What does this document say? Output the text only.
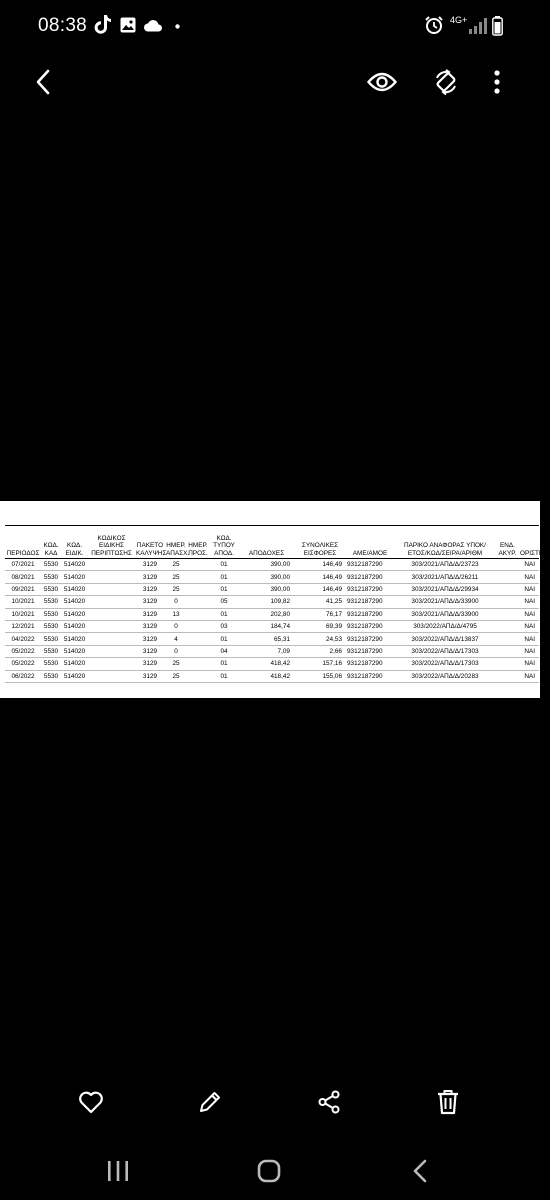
08:38	4G+
ΠΕΡΙΟΔΟΣ	ΚΩΔ. ΚΑΔ	ΚΩΔ. ΕΙΔΙΚ.	ΚΩΔΙΚΟΣ ΕΙΔΙΚΗΣ ΠΕΡΙΠΤΩΣΗΣ	ΠΑΚΕΤΟ ΚΑΛΥΨΗΣ	ΗΜΕΡ. ΑΠΑΣΧ.	ΗΜΕΡ. ΠΡΟΣ.	ΚΩΔ. ΤΥΠΟΥ ΑΠΟΔ.	ΑΠΟΔΟΧΕΣ	ΣΥΝΟΛΙΚΕΣ ΕΙΣΦΟΡΕΣ	ΑΜΕ/ΑΜΟΕ	ΠΑΡΙΚΟ ΑΝΑΦΟΡΑΣ ΥΠΟΚ/ΕΤΟΣ/ΚΩΔ/ΣΕΙΡΑ/ΑΡΙΘΜ	ΕΝΔ. ΑΚΥΡ.	ΟΡΙΣΤΙΚΗ
07/2021	5530	514020		3129	25		01	390,00	146,49	9312187290	303/2021/ΑΠΔ/Δ/23723		ΝΑΙ
08/2021	5530	514020		3129	25		01	390,00	146,49	9312187290	303/2021/ΑΠΔ/Δ/26211		ΝΑΙ
09/2021	5530	514020		3129	25		01	390,00	146,49	9312187290	303/2021/ΑΠΔ/Δ/29934		ΝΑΙ
10/2021	5530	514020		3129	0		05	109,82	41,25	9312187290	303/2021/ΑΠΔ/Δ/33900		ΝΑΙ
10/2021	5530	514020		3129	13		01	202,80	76,17	9312187290	303/2021/ΑΠΔ/Δ/33900		ΝΑΙ
12/2021	5530	514020		3129	0		03	184,74	69,39	9312187290	303/2022/ΑΠΔ/Δ/4795		ΝΑΙ
04/2022	5530	514020		3129	4		01	65,31	24,53	9312187290	303/2022/ΑΠΔ/Δ/13837		ΝΑΙ
05/2022	5530	514020		3129	0		04	7,09	2,66	9312187290	303/2022/ΑΠΔ/Δ/17303		ΝΑΙ
05/2022	5530	514020		3129	25		01	418,42	157,16	9312187290	303/2022/ΑΠΔ/Δ/17303		ΝΑΙ
06/2022	5530	514020		3129	25		01	418,42	155,06	9312187290	303/2022/ΑΠΔ/Δ/20283		ΝΑΙ
